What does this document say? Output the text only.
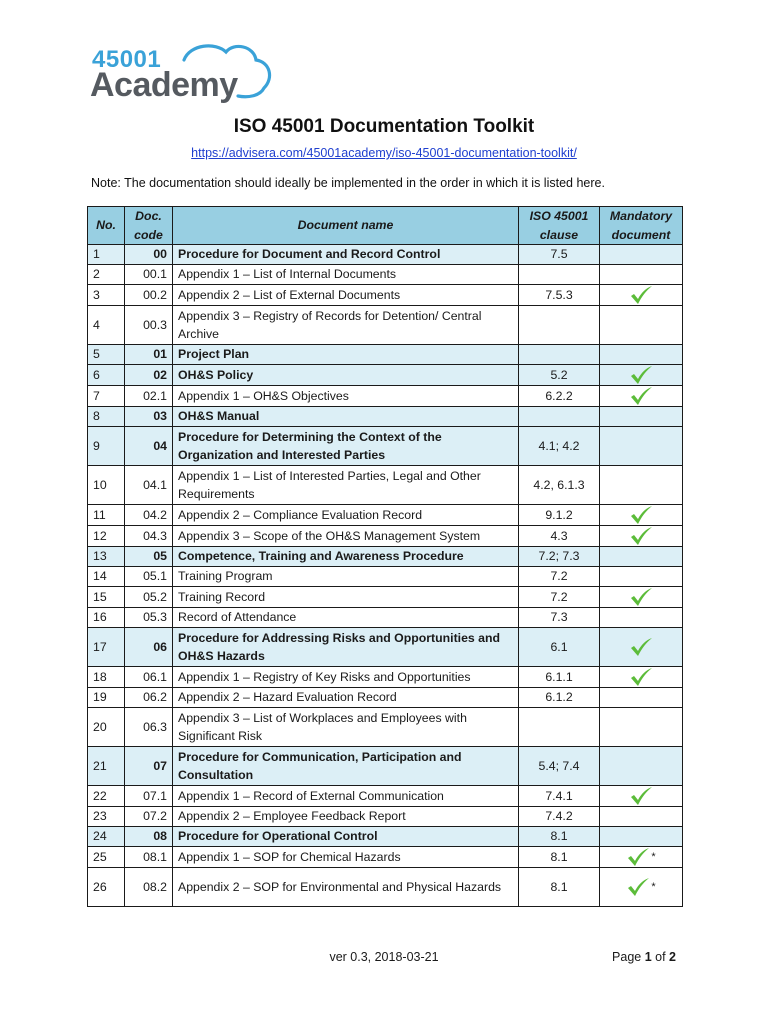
45001
Academy
ISO 45001 Documentation Toolkit
https://advisera.com/45001academy/iso-45001-documentation-toolkit/
Note: The documentation should ideally be implemented in the order in which it is listed here.
No.	Doc. code	Document name	ISO 45001 clause	Mandatory document
1	00	Procedure for Document and Record Control	7.5	
2	00.1	Appendix 1 – List of Internal Documents		
3	00.2	Appendix 2 – List of External Documents	7.5.3	
4	00.3	Appendix 3 – Registry of Records for Detention/ Central Archive		
5	01	Project Plan		
6	02	OH&S Policy	5.2	
7	02.1	Appendix 1 – OH&S Objectives	6.2.2	
8	03	OH&S Manual		
9	04	Procedure for Determining the Context of the Organization and Interested Parties	4.1; 4.2	
10	04.1	Appendix 1 – List of Interested Parties, Legal and Other Requirements	4.2, 6.1.3	
11	04.2	Appendix 2 – Compliance Evaluation Record	9.1.2	
12	04.3	Appendix 3 – Scope of the OH&S Management System	4.3	
13	05	Competence, Training and Awareness Procedure	7.2; 7.3	
14	05.1	Training Program	7.2	
15	05.2	Training Record	7.2	
16	05.3	Record of Attendance	7.3	
17	06	Procedure for Addressing Risks and Opportunities and OH&S Hazards	6.1	
18	06.1	Appendix 1 – Registry of Key Risks and Opportunities	6.1.1	
19	06.2	Appendix 2 – Hazard Evaluation Record	6.1.2	
20	06.3	Appendix 3 – List of Workplaces and Employees with Significant Risk		
21	07	Procedure for Communication, Participation and Consultation	5.4; 7.4	
22	07.1	Appendix 1 – Record of External Communication	7.4.1	
23	07.2	Appendix 2 – Employee Feedback Report	7.4.2	
24	08	Procedure for Operational Control	8.1	
25	08.1	Appendix 1 – SOP for Chemical Hazards	8.1	*
26	08.2	Appendix 2 – SOP for Environmental and Physical Hazards	8.1	*
ver 0.3, 2018-03-21	Page 1 of 2
